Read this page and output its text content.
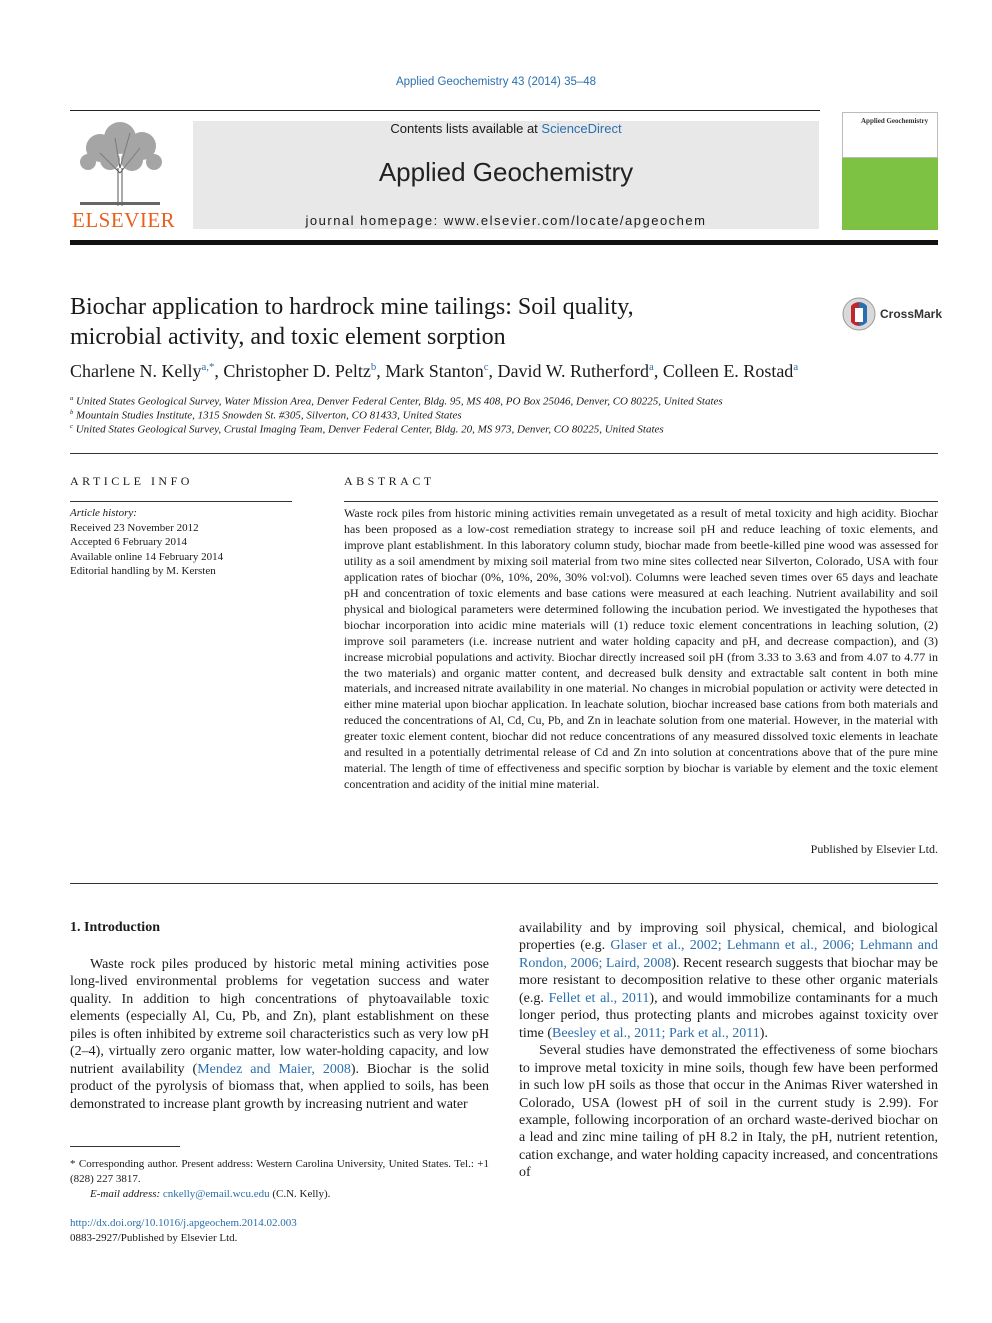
Applied Geochemistry 43 (2014) 35–48
ELSEVIER
Contents lists available at ScienceDirect
Applied Geochemistry
journal homepage: www.elsevier.com/locate/apgeochem
Applied Geochemistry
Biochar application to hardrock mine tailings: Soil quality,
microbial activity, and toxic element sorption
CrossMark
Charlene N. Kelly$^{a,*}$, Christopher D. Peltz$^b$, Mark Stanton$^c$, David W. Rutherford$^a$, Colleen E. Rostad$^a$
$^a$ United States Geological Survey, Water Mission Area, Denver Federal Center, Bldg. 95, MS 408, PO Box 25046, Denver, CO 80225, United States
$^b$ Mountain Studies Institute, 1315 Snowden St. #305, Silverton, CO 81433, United States
$^c$ United States Geological Survey, Crustal Imaging Team, Denver Federal Center, Bldg. 20, MS 973, Denver, CO 80225, United States
ARTICLE INFO
Article history:
Received 23 November 2012
Accepted 6 February 2014
Available online 14 February 2014
Editorial handling by M. Kersten
ABSTRACT
Waste rock piles from historic mining activities remain unvegetated as a result of metal toxicity and high acidity. Biochar has been proposed as a low-cost remediation strategy to increase soil pH and reduce leaching of toxic elements, and improve plant establishment. In this laboratory column study, biochar made from beetle-killed pine wood was assessed for utility as a soil amendment by mixing soil material from two mine sites collected near Silverton, Colorado, USA with four application rates of biochar (0%, 10%, 20%, 30% vol:vol). Columns were leached seven times over 65 days and leachate pH and concentration of toxic elements and base cations were measured at each leaching. Nutrient availability and soil physical and biological parameters were determined following the incubation period. We investigated the hypotheses that biochar incorporation into acidic mine materials will (1) reduce toxic element concentrations in leaching solution, (2) improve soil parameters (i.e. increase nutrient and water holding capacity and pH, and decrease compaction), and (3) increase microbial populations and activity. Biochar directly increased soil pH (from 3.33 to 3.63 and from 4.07 to 4.77 in the two materials) and organic matter content, and decreased bulk density and extractable salt content in both mine materials, and increased nitrate availability in one material. No changes in microbial population or activity were detected in either mine material upon biochar application. In leachate solution, biochar increased base cations from both materials and reduced the concentrations of Al, Cd, Cu, Pb, and Zn in leachate solution from one material. However, in the material with greater toxic element content, biochar did not reduce concentrations of any measured dissolved toxic elements in leachate and resulted in a potentially detrimental release of Cd and Zn into solution at concentrations above that of the pure mine material. The length of time of effectiveness and specific sorption by biochar is variable by element and the toxic element concentration and acidity of the initial mine material.
Published by Elsevier Ltd.
1. Introduction
Waste rock piles produced by historic metal mining activities pose long-lived environmental problems for vegetation success and water quality. In addition to high concentrations of phytoavailable toxic elements (especially Al, Cu, Pb, and Zn), plant establishment on these piles is often inhibited by extreme soil characteristics such as very low pH (2–4), virtually zero organic matter, low water-holding capacity, and low nutrient availability (Mendez and Maier, 2008). Biochar is the solid product of the pyrolysis of biomass that, when applied to soils, has been demonstrated to increase plant growth by increasing nutrient and water
availability and by improving soil physical, chemical, and biological properties (e.g. Glaser et al., 2002; Lehmann et al., 2006; Lehmann and Rondon, 2006; Laird, 2008). Recent research suggests that biochar may be more resistant to decomposition relative to these other organic materials (e.g. Fellet et al., 2011), and would immobilize contaminants for a much longer period, thus protecting plants and microbes against toxicity over time (Beesley et al., 2011; Park et al., 2011).
Several studies have demonstrated the effectiveness of some biochars to improve metal toxicity in mine soils, though few have been performed in such low pH soils as those that occur in the Animas River watershed in Colorado, USA (lowest pH of soil in the current study is 2.99). For example, following incorporation of an orchard waste-derived biochar on a lead and zinc mine tailing of pH 8.2 in Italy, the pH, nutrient retention, cation exchange, and water holding capacity increased, and concentrations of
* Corresponding author. Present address: Western Carolina University, United States. Tel.: +1 (828) 227 3817.
E-mail address: cnkelly@email.wcu.edu (C.N. Kelly).
http://dx.doi.org/10.1016/j.apgeochem.2014.02.003
0883-2927/Published by Elsevier Ltd.
